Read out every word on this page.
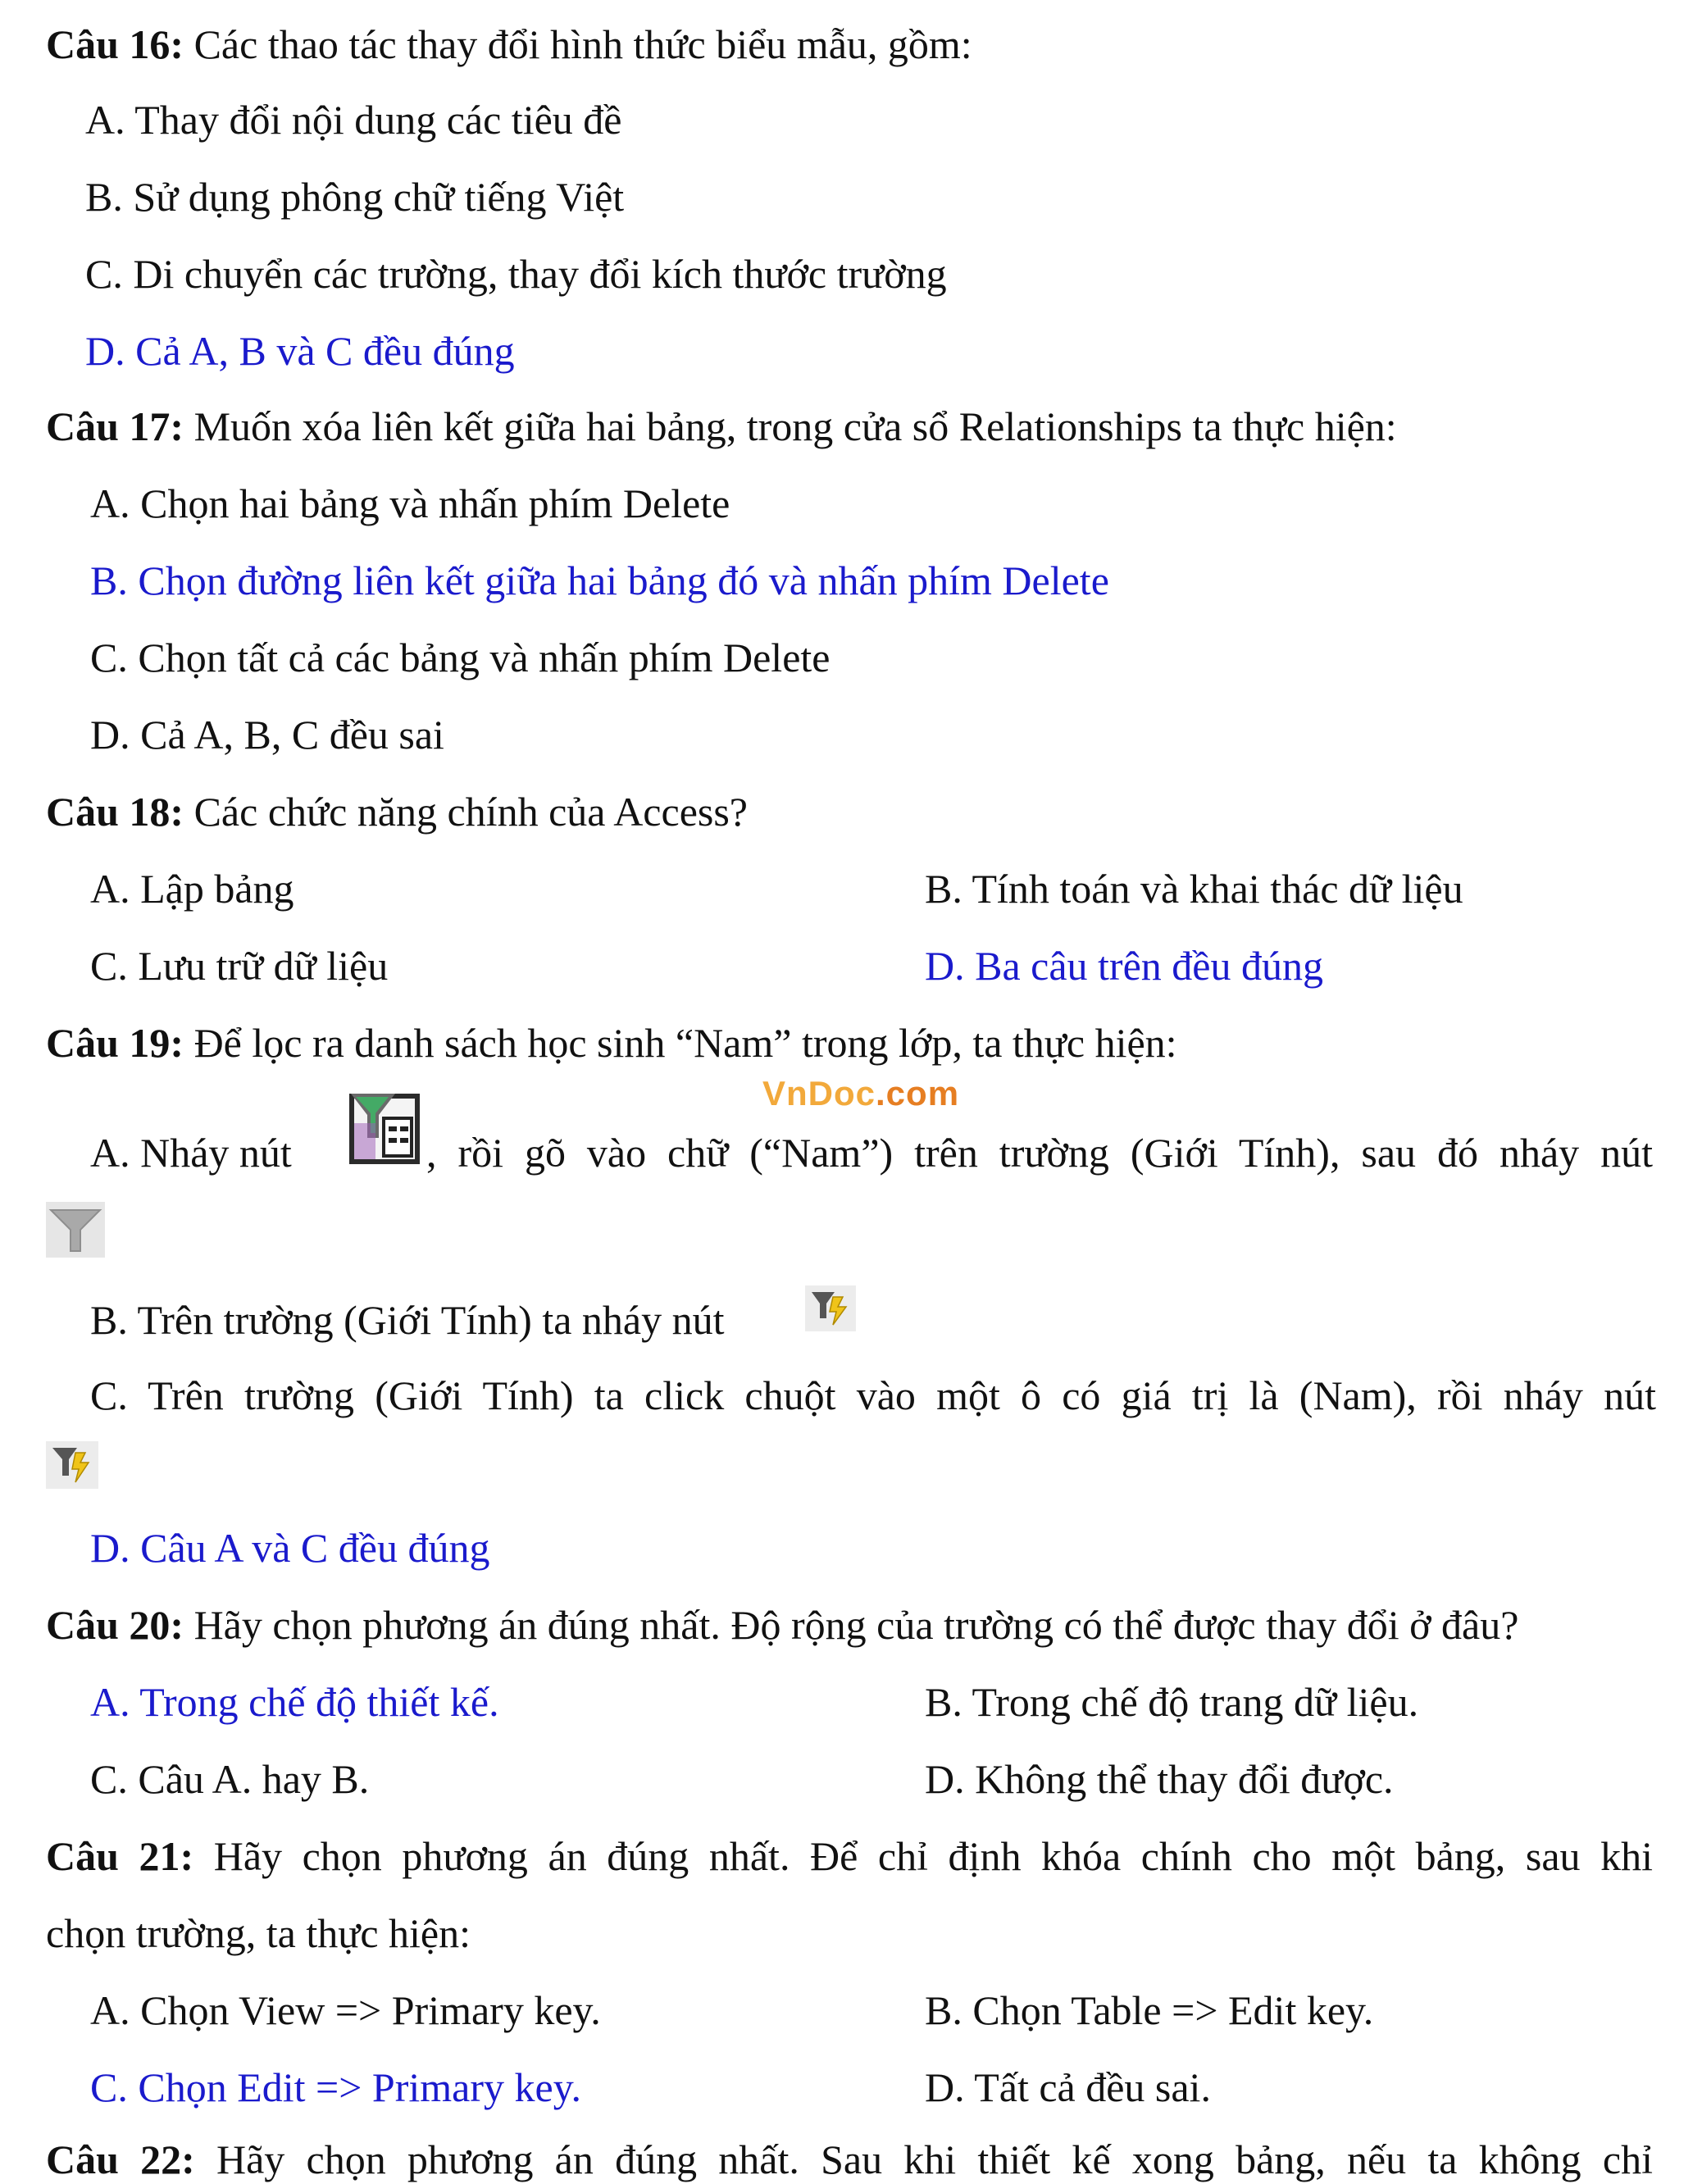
Câu 16: Các thao tác thay đổi hình thức biểu mẫu, gồm:
A. Thay đổi nội dung các tiêu đề
B. Sử dụng phông chữ tiếng Việt
C. Di chuyển các trường, thay đổi kích thước trường
D. Cả A, B và C đều đúng
Câu 17: Muốn xóa liên kết giữa hai bảng, trong cửa sổ Relationships ta thực hiện:
A. Chọn hai bảng và nhấn phím Delete
B. Chọn đường liên kết giữa hai bảng đó và nhấn phím Delete
C. Chọn tất cả các bảng và nhấn phím Delete
D. Cả A, B, C đều sai
Câu 18: Các chức năng chính của Access?
A. Lập bảng	B. Tính toán và khai thác dữ liệu
C. Lưu trữ dữ liệu	D. Ba câu trên đều đúng
Câu 19: Để lọc ra danh sách học sinh “Nam” trong lớp, ta thực hiện:
VnDoc.com
A. Nháy nút	, rồi gõ vào chữ (“Nam”) trên trường (Giới Tính), sau đó nháy nút
B. Trên trường (Giới Tính) ta nháy nút
C. Trên trường (Giới Tính) ta click chuột vào một ô có giá trị là (Nam), rồi nháy nút
D. Câu A và C đều đúng
Câu 20: Hãy chọn phương án đúng nhất. Độ rộng của trường có thể được thay đổi ở đâu?
A. Trong chế độ thiết kế.	B. Trong chế độ trang dữ liệu.
C. Câu A. hay B.	D. Không thể thay đổi được.
Câu 21: Hãy chọn phương án đúng nhất. Để chỉ định khóa chính cho một bảng, sau khi
chọn trường, ta thực hiện:
A. Chọn View => Primary key.	B. Chọn Table => Edit key.
C. Chọn Edit => Primary key.	D. Tất cả đều sai.
Câu 22: Hãy chọn phương án đúng nhất. Sau khi thiết kế xong bảng, nếu ta không chỉ
